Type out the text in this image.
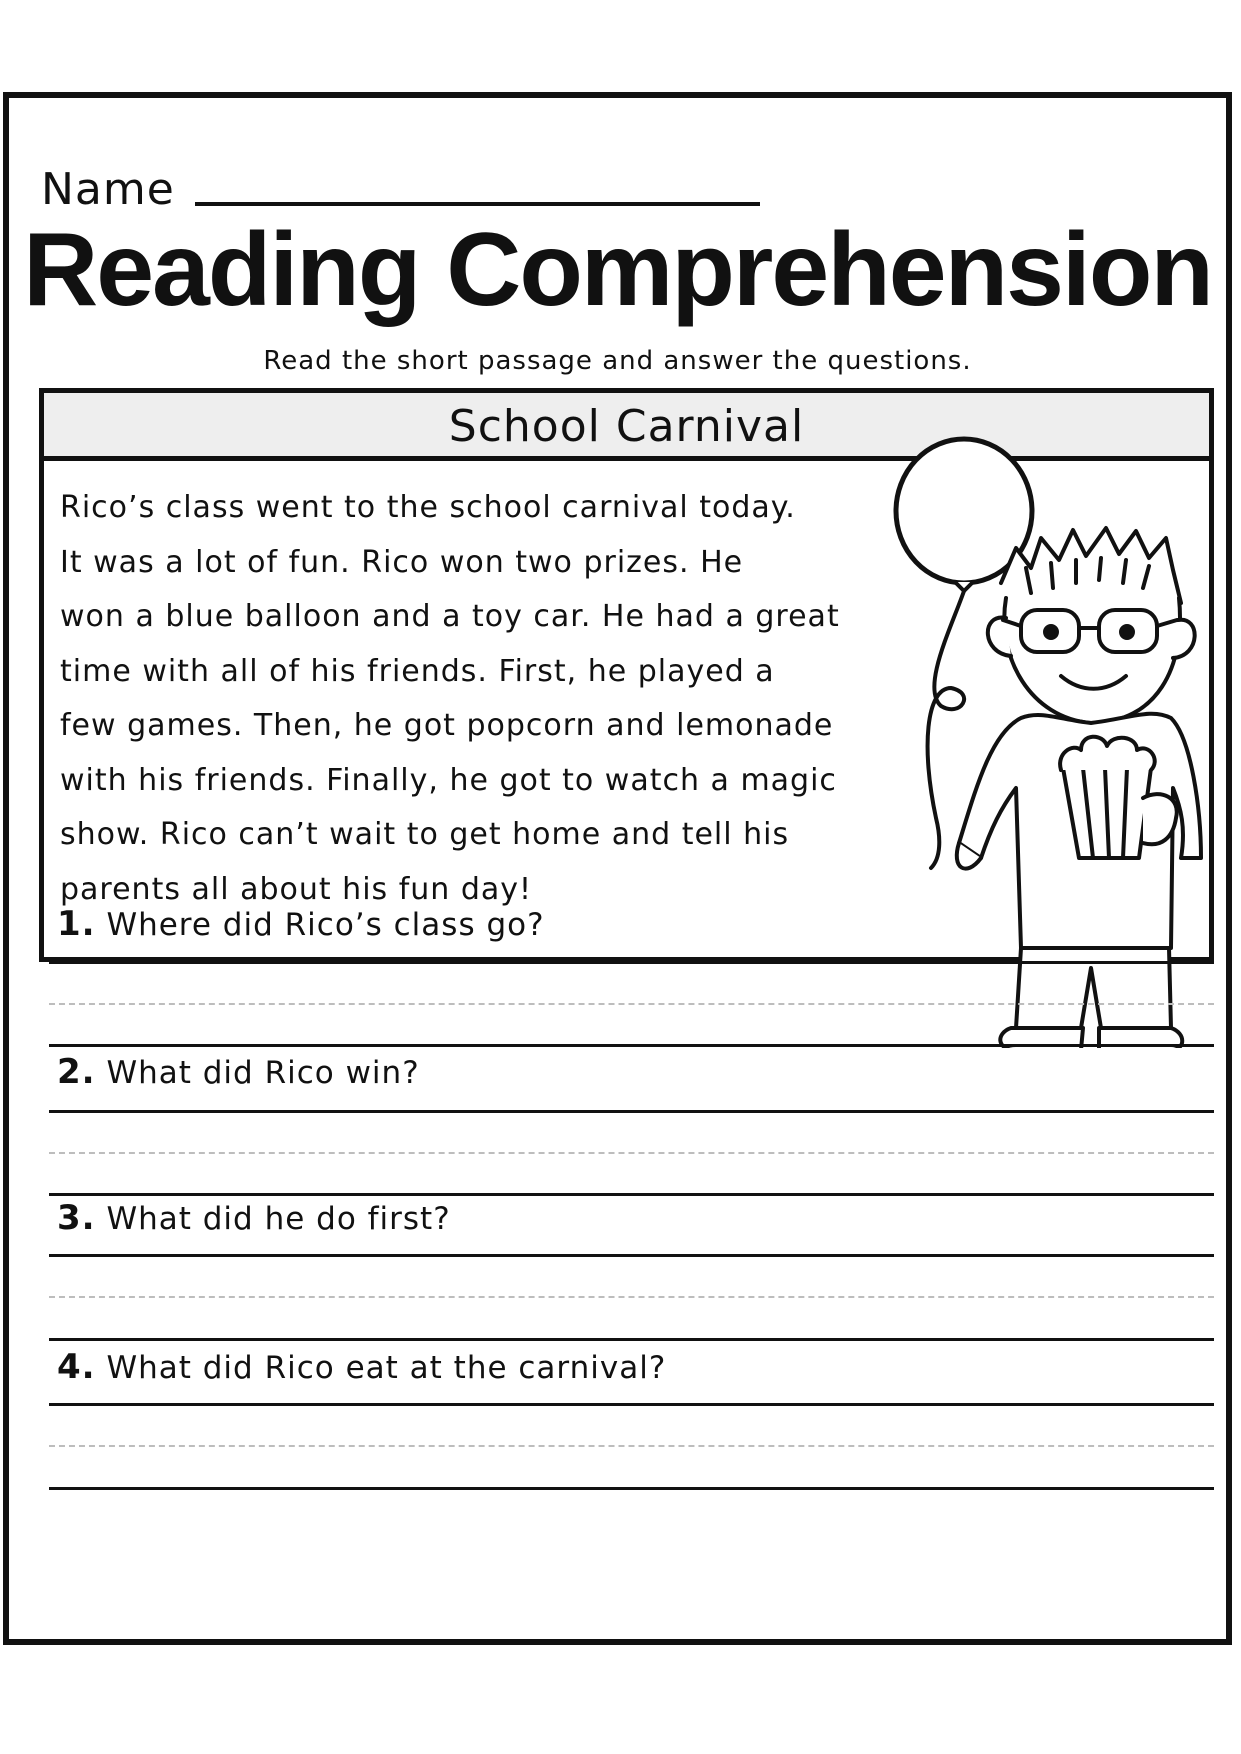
Name
Reading Comprehension
Read the short passage and answer the questions.
School Carnival
Rico’s class went to the school carnival today.
It was a lot of fun. Rico won two prizes. He
won a blue balloon and a toy car. He had a great
time with all of his friends. First, he played a
few games. Then, he got popcorn and lemonade
with his friends. Finally, he got to watch a magic
show. Rico can’t wait to get home and tell his
parents all about his fun day!
1. Where did Rico’s class go?
2. What did Rico win?
3. What did he do first?
4. What did Rico eat at the carnival?
